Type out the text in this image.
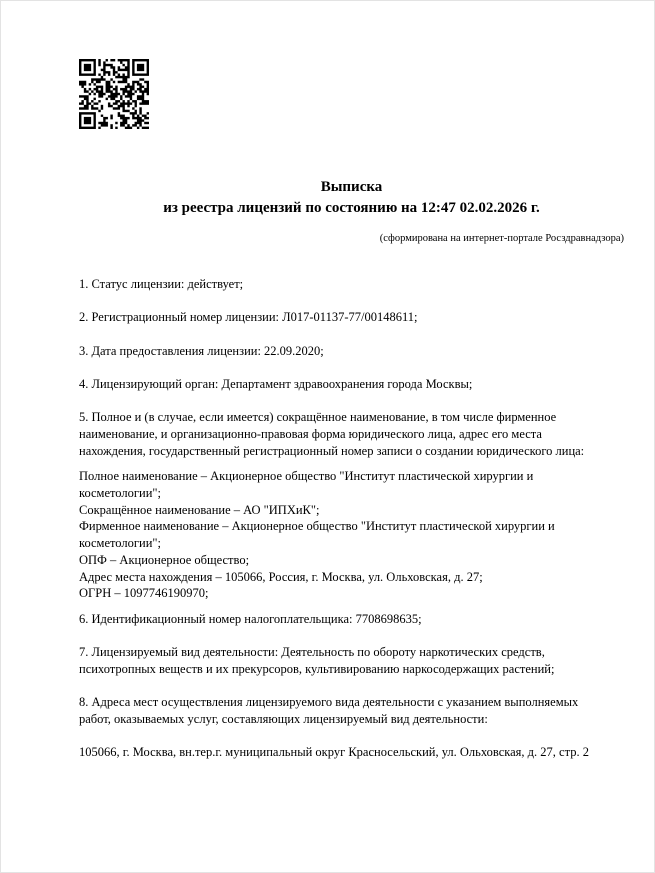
Выписка
из реестра лицензий по состоянию на 12:47 02.02.2026 г.
(сформирована на интернет-портале Росздравнадзора)
1. Статус лицензии: действует;
2. Регистрационный номер лицензии: Л017-01137-77/00148611;
3. Дата предоставления лицензии: 22.09.2020;
4. Лицензирующий орган: Департамент здравоохранения города Москвы;
5. Полное и (в случае, если имеется) сокращённое наименование, в том числе фирменное
наименование, и организационно-правовая форма юридического лица, адрес его места
нахождения, государственный регистрационный номер записи о создании юридического лица:
Полное наименование – Акционерное общество "Институт пластической хирургии и
косметологии";
Сокращённое наименование – АО "ИПХиК";
Фирменное наименование – Акционерное общество "Институт пластической хирургии и
косметологии";
ОПФ – Акционерное общество;
Адрес места нахождения – 105066, Россия, г. Москва, ул. Ольховская, д. 27;
ОГРН – 1097746190970;
6. Идентификационный номер налогоплательщика: 7708698635;
7. Лицензируемый вид деятельности: Деятельность по обороту наркотических средств,
психотропных веществ и их прекурсоров, культивированию наркосодержащих растений;
8. Адреса мест осуществления лицензируемого вида деятельности с указанием выполняемых
работ, оказываемых услуг, составляющих лицензируемый вид деятельности:
105066, г. Москва, вн.тер.г. муниципальный округ Красносельский, ул. Ольховская, д. 27, стр. 2
